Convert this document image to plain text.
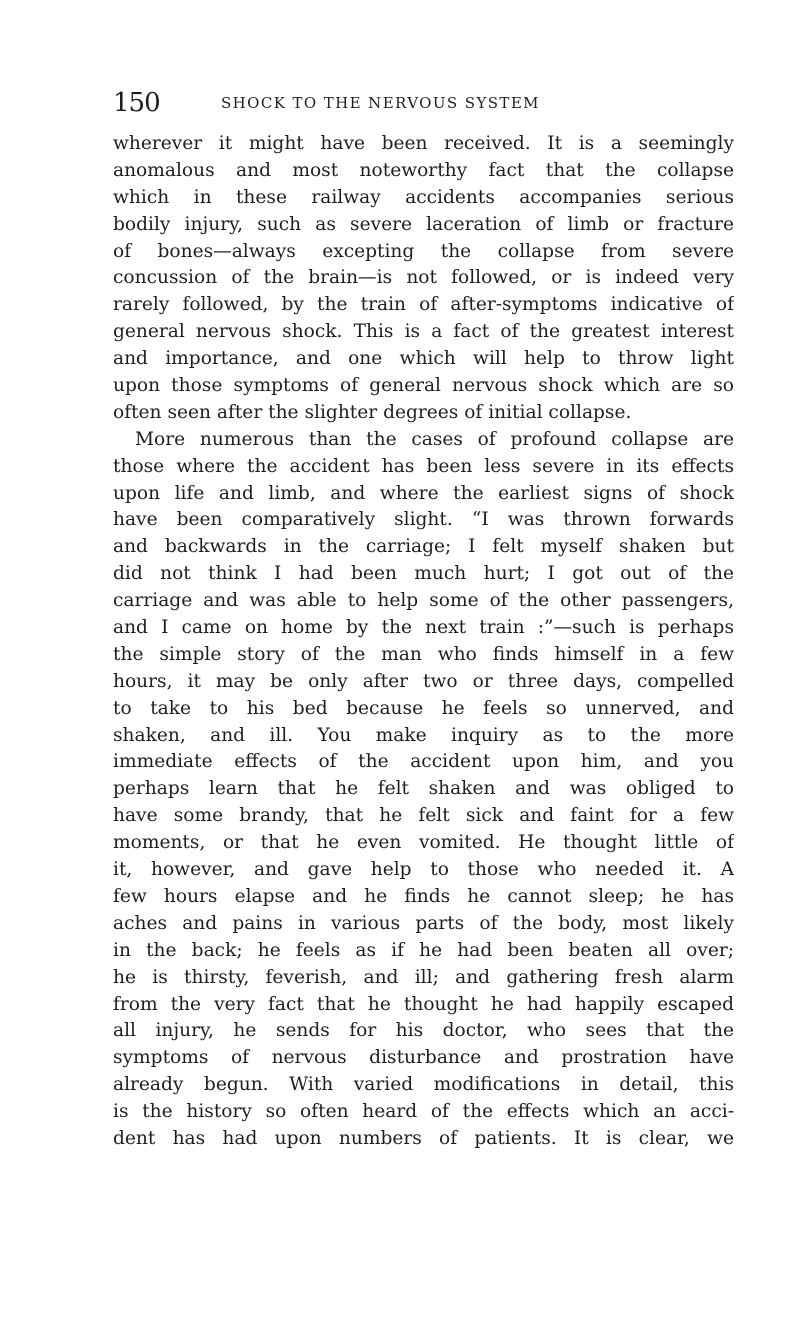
150	SHOCK TO THE NERVOUS SYSTEM
wherever it might have been received. It is a seemingly
anomalous and most noteworthy fact that the collapse
which in these railway accidents accompanies serious
bodily injury, such as severe laceration of limb or fracture
of bones—always excepting the collapse from severe
concussion of the brain—is not followed, or is indeed very
rarely followed, by the train of after-symptoms indicative of
general nervous shock. This is a fact of the greatest interest
and importance, and one which will help to throw light
upon those symptoms of general nervous shock which are so
often seen after the slighter degrees of initial collapse.
More numerous than the cases of profound collapse are
those where the accident has been less severe in its effects
upon life and limb, and where the earliest signs of shock
have been comparatively slight. “I was thrown forwards
and backwards in the carriage; I felt myself shaken but
did not think I had been much hurt; I got out of the
carriage and was able to help some of the other passengers,
and I came on home by the next train :”—such is perhaps
the simple story of the man who finds himself in a few
hours, it may be only after two or three days, compelled
to take to his bed because he feels so unnerved, and
shaken, and ill. You make inquiry as to the more
immediate effects of the accident upon him, and you
perhaps learn that he felt shaken and was obliged to
have some brandy, that he felt sick and faint for a few
moments, or that he even vomited. He thought little of
it, however, and gave help to those who needed it. A
few hours elapse and he finds he cannot sleep; he has
aches and pains in various parts of the body, most likely
in the back; he feels as if he had been beaten all over;
he is thirsty, feverish, and ill; and gathering fresh alarm
from the very fact that he thought he had happily escaped
all injury, he sends for his doctor, who sees that the
symptoms of nervous disturbance and prostration have
already begun. With varied modifications in detail, this
is the history so often heard of the effects which an acci-
dent has had upon numbers of patients. It is clear, we
